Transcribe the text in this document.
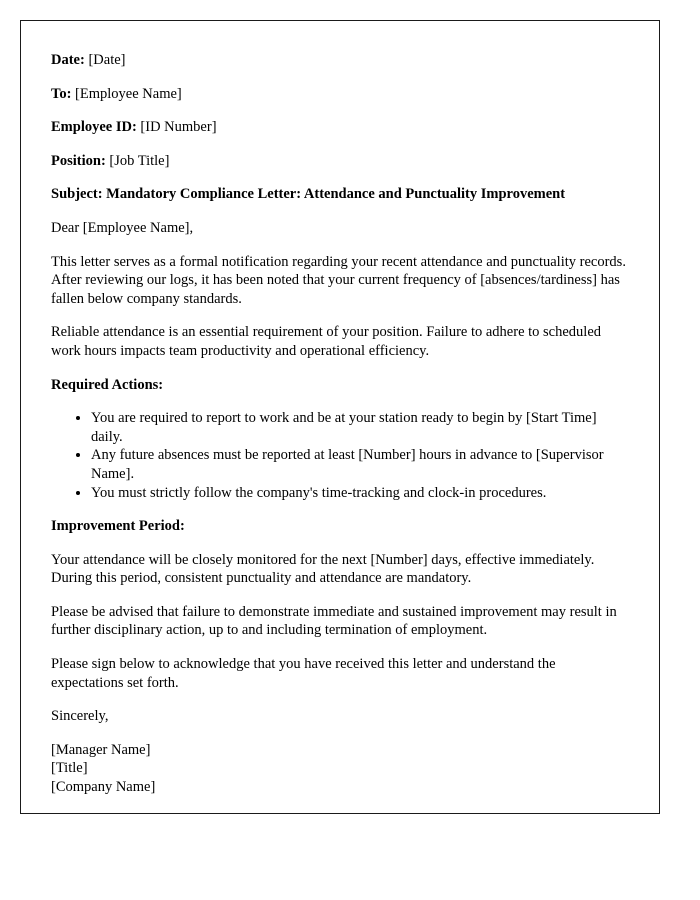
Date: [Date]

To: [Employee Name]

Employee ID: [ID Number]

Position: [Job Title]

Subject: Mandatory Compliance Letter: Attendance and Punctuality Improvement

Dear [Employee Name],

This letter serves as a formal notification regarding your recent attendance and punctuality records. After reviewing our logs, it has been noted that your current frequency of [absences/tardiness] has fallen below company standards.

Reliable attendance is an essential requirement of your position. Failure to adhere to scheduled work hours impacts team productivity and operational efficiency.

Required Actions:

• You are required to report to work and be at your station ready to begin by [Start Time] daily.
• Any future absences must be reported at least [Number] hours in advance to [Supervisor Name].
• You must strictly follow the company's time-tracking and clock-in procedures.

Improvement Period:

Your attendance will be closely monitored for the next [Number] days, effective immediately. During this period, consistent punctuality and attendance are mandatory.

Please be advised that failure to demonstrate immediate and sustained improvement may result in further disciplinary action, up to and including termination of employment.

Please sign below to acknowledge that you have received this letter and understand the expectations set forth.

Sincerely,

[Manager Name]

[Title]

[Company Name]
